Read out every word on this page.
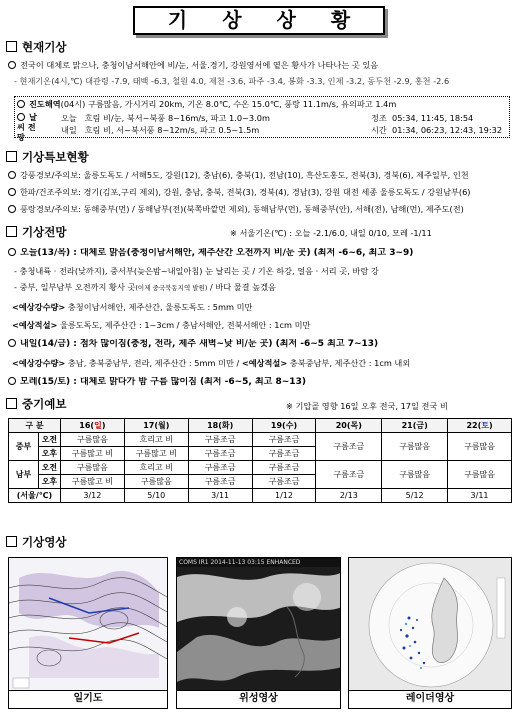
기 상 상 황
현재기상
전국이 대체로 맑으나, 충청이남서해안에 비/눈, 서울.경기, 강원영서에 옅은 황사가 나타나는 곳 있음
- 현재기온(4시,℃) 대관령 -7.9, 태백 -6.3, 철원 4.0, 제천 -3.6, 파주 -3.4, 봉화 -3.3, 인제 -3.2, 동두천 -2.9, 홍천 -2.6
진도해역(04시) 구름많음, 가시거리 20km, 기온 8.0℃, 수온 15.0℃, 풍랑 11.1m/s, 유의파고 1.4m
날씨 전망
오늘 흐림 비/눈, 북서~북풍 8~16m/s, 파고 1.0~3.0m
내일 흐림 비, 서~북서풍 8~12m/s, 파고 0.5~1.5m
정조 05:34, 11:45, 18:54
시간 01:34, 06:23, 12:43, 19:32
기상특보현황
강풍경보/주의보: 울릉도독도 / 서해5도, 강원(12), 충남(6), 충북(1), 전남(10), 흑산도홍도, 전북(3), 경북(6), 제주일부, 인천
한파/건조주의보: 경기(김포,구리 제외), 강원, 충남, 충북, 전북(3), 경북(4), 경남(3), 강원 대전 세종 울릉도독도 / 강원남부(6)
풍랑경보/주의보: 동해중부(먼) / 동해남부(전)(북쪽바깥먼 제외), 동해남부(먼), 동해중부(안), 서해(전), 남해(먼), 제주도(전)
기상전망	※ 서울기온(℃) : 오늘 -2.1/6.0, 내일 0/10, 모레 -1/11
오늘(13/목) : 대체로 맑음(충청이남서해안, 제주산간 오전까지 비/눈 곳) (최저 -6~6, 최고 3~9)
- 충청내륙 · 전라(낮까지), 중서부(늦은밤~내일아침) 눈 날리는 곳 / 기온 하강, 얼음 · 서리 곳, 바람 강
- 중부, 일부남부 오전까지 황사 곳(이제 중국북동지역 발원) / 바다 물결 높겠음
<예상강수량> 충청이남서해안, 제주산간, 울릉도독도 : 5mm 미만
<예상적설> 울릉도독도, 제주산간 : 1~3cm / 충남서해안, 전북서해안 : 1cm 미만
내일(14/금) : 점차 많이짐(충청, 전라, 제주 새벽~낮 비/눈 곳) (최저 -6~5 최고 7~13)
<예상강수량> 충남, 충북중남부, 전라, 제주산간 : 5mm 미만 / <예상적설> 충북중남부, 제주산간 : 1cm 내외
모레(15/토) : 대체로 맑다가 밤 구름 많이짐 (최저 -6~5, 최고 8~13)
중기예보	※ 기압골 영향 16일 오후 전국, 17일 전국 비
구 분		16(일)	17(월)	18(화)	19(수)	20(목)	21(금)	22(토)
중부	오전	구름많음	흐리고 비	구름조금	구름조금	구름조금	구름많음	구름많음
	오후	구름많고 비	구름많고 비	구름조금	구름조금			
남부	오전	구름많음	흐리고 비	구름조금	구름조금	구름조금	구름많음	구름많음
	오후	구름많고 비	구름많음	구름조금	구름조금			
(서울/℃)		3/12	5/10	3/11	1/12	2/13	5/12	3/11
기상영상
일기도
COMS IR1 2014-11-13 03:15 ENHANCED
위성영상	레이더영상
